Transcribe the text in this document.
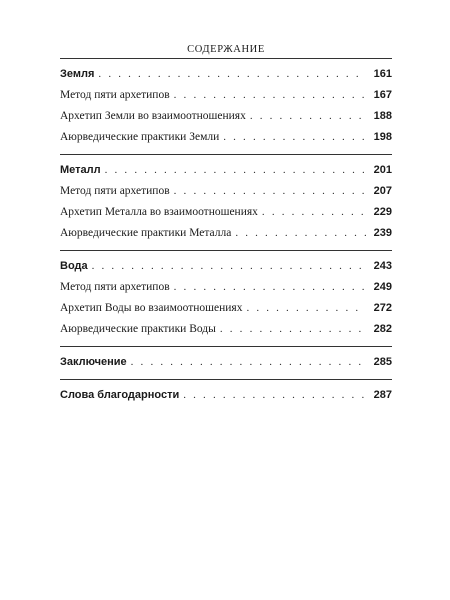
СОДЕРЖАНИЕ
Земля . . .	161
Метод пяти архетипов . . .	167
Архетип Земли во взаимоотношениях . . .	188
Аюрведические практики Земли . . .	198
Металл . . .	201
Метод пяти архетипов . . .	207
Архетип Металла во взаимоотношениях . . .	229
Аюрведические практики Металла . . .	239
Вода . . .	243
Метод пяти архетипов . . .	249
Архетип Воды во взаимоотношениях . . .	272
Аюрведические практики Воды . . .	282
Заключение . . .	285
Слова благодарности . . .	287
